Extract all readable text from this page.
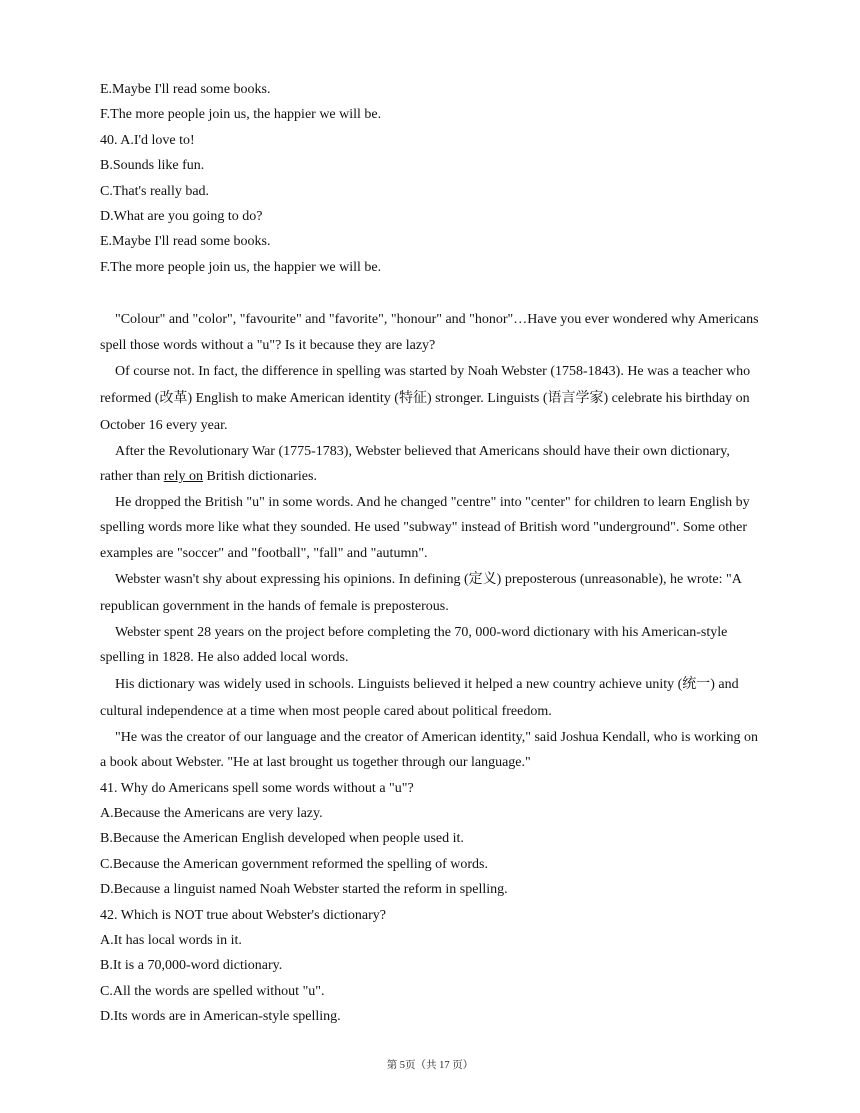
E.Maybe I'll read some books.
F.The more people join us, the happier we will be.
40. A.I'd love to!
B.Sounds like fun.
C.That's really bad.
D.What are you going to do?
E.Maybe I'll read some books.
F.The more people join us, the happier we will be.
"Colour" and "color", "favourite" and "favorite", "honour" and "honor"…Have you ever wondered why Americans spell those words without a "u"? Is it because they are lazy?
Of course not. In fact, the difference in spelling was started by Noah Webster (1758-1843). He was a teacher who reformed (改革) English to make American identity (特征) stronger. Linguists (语言学家) celebrate his birthday on October 16 every year.
After the Revolutionary War (1775-1783), Webster believed that Americans should have their own dictionary, rather than rely on British dictionaries.
He dropped the British "u" in some words. And he changed "centre" into "center" for children to learn English by spelling words more like what they sounded. He used "subway" instead of British word "underground". Some other examples are "soccer" and "football", "fall" and "autumn".
Webster wasn't shy about expressing his opinions. In defining (定义) preposterous (unreasonable), he wrote: "A republican government in the hands of female is preposterous.
Webster spent 28 years on the project before completing the 70, 000-word dictionary with his American-style spelling in 1828. He also added local words.
His dictionary was widely used in schools. Linguists believed it helped a new country achieve unity (统一) and cultural independence at a time when most people cared about political freedom.
"He was the creator of our language and the creator of American identity," said Joshua Kendall, who is working on a book about Webster. "He at last brought us together through our language."
41. Why do Americans spell some words without a "u"?
A.Because the Americans are very lazy.
B.Because the American English developed when people used it.
C.Because the American government reformed the spelling of words.
D.Because a linguist named Noah Webster started the reform in spelling.
42. Which is NOT true about Webster's dictionary?
A.It has local words in it.
B.It is a 70,000-word dictionary.
C.All the words are spelled without "u".
D.Its words are in American-style spelling.
第 5页（共 17 页）
